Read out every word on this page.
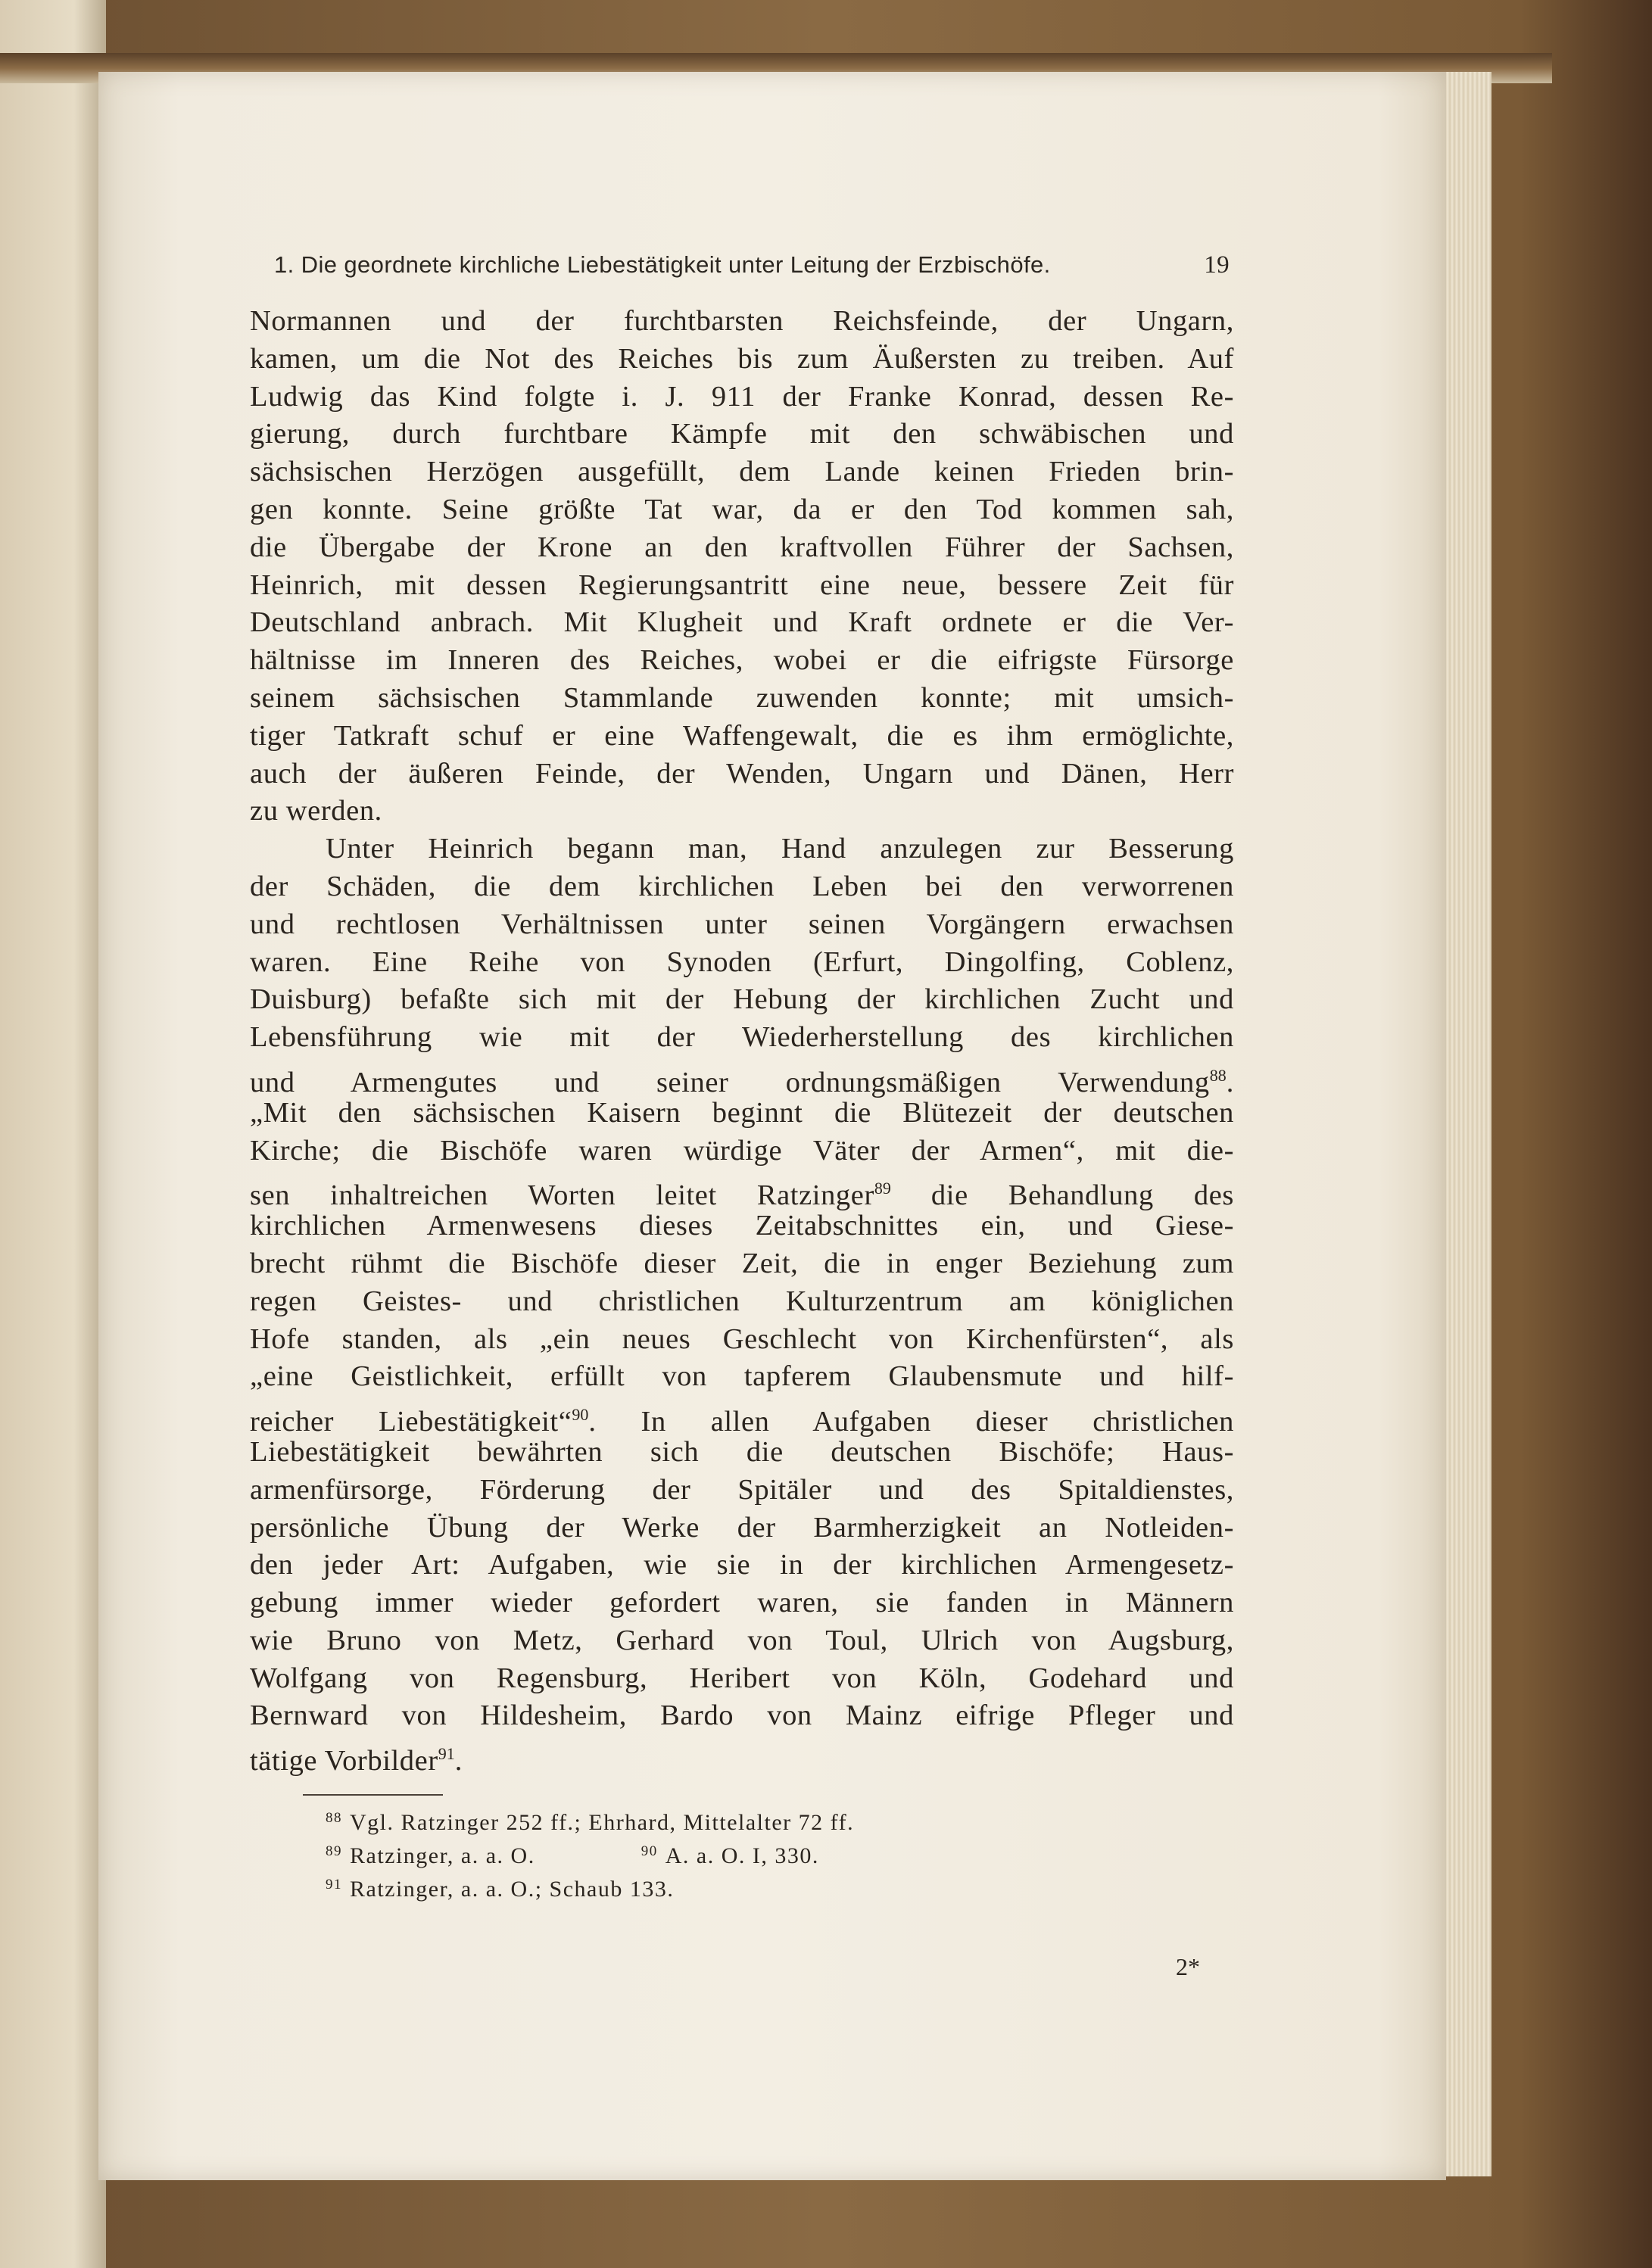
1. Die geordnete kirchliche Liebestätigkeit unter Leitung der Erzbischöfe.	19
Normannen und der furchtbarsten Reichsfeinde, der Ungarn,
kamen, um die Not des Reiches bis zum Äußersten zu treiben. Auf
Ludwig das Kind folgte i. J. 911 der Franke Konrad, dessen Re-
gierung, durch furchtbare Kämpfe mit den schwäbischen und
sächsischen Herzögen ausgefüllt, dem Lande keinen Frieden brin-
gen konnte. Seine größte Tat war, da er den Tod kommen sah,
die Übergabe der Krone an den kraftvollen Führer der Sachsen,
Heinrich, mit dessen Regierungsantritt eine neue, bessere Zeit für
Deutschland anbrach. Mit Klugheit und Kraft ordnete er die Ver-
hältnisse im Inneren des Reiches, wobei er die eifrigste Fürsorge
seinem sächsischen Stammlande zuwenden konnte; mit umsich-
tiger Tatkraft schuf er eine Waffengewalt, die es ihm ermöglichte,
auch der äußeren Feinde, der Wenden, Ungarn und Dänen, Herr
zu werden.
Unter Heinrich begann man, Hand anzulegen zur Besserung
der Schäden, die dem kirchlichen Leben bei den verworrenen
und rechtlosen Verhältnissen unter seinen Vorgängern erwachsen
waren. Eine Reihe von Synoden (Erfurt, Dingolfing, Coblenz,
Duisburg) befaßte sich mit der Hebung der kirchlichen Zucht und
Lebensführung wie mit der Wiederherstellung des kirchlichen
und Armengutes und seiner ordnungsmäßigen Verwendung$^{88}$.
„Mit den sächsischen Kaisern beginnt die Blütezeit der deutschen
Kirche; die Bischöfe waren würdige Väter der Armen“, mit die-
sen inhaltreichen Worten leitet Ratzinger$^{89}$ die Behandlung des
kirchlichen Armenwesens dieses Zeitabschnittes ein, und Giese-
brecht rühmt die Bischöfe dieser Zeit, die in enger Beziehung zum
regen Geistes- und christlichen Kulturzentrum am königlichen
Hofe standen, als „ein neues Geschlecht von Kirchenfürsten“, als
„eine Geistlichkeit, erfüllt von tapferem Glaubensmute und hilf-
reicher Liebestätigkeit“$^{90}$. In allen Aufgaben dieser christlichen
Liebestätigkeit bewährten sich die deutschen Bischöfe; Haus-
armenfürsorge, Förderung der Spitäler und des Spitaldienstes,
persönliche Übung der Werke der Barmherzigkeit an Notleiden-
den jeder Art: Aufgaben, wie sie in der kirchlichen Armengesetz-
gebung immer wieder gefordert waren, sie fanden in Männern
wie Bruno von Metz, Gerhard von Toul, Ulrich von Augsburg,
Wolfgang von Regensburg, Heribert von Köln, Godehard und
Bernward von Hildesheim, Bardo von Mainz eifrige Pfleger und
tätige Vorbilder$^{91}$.
$^{88}$ Vgl. Ratzinger 252 ff.; Ehrhard, Mittelalter 72 ff.
$^{89}$ Ratzinger, a. a. O.	$^{90}$ A. a. O. I, 330.
$^{91}$ Ratzinger, a. a. O.; Schaub 133.
2*
